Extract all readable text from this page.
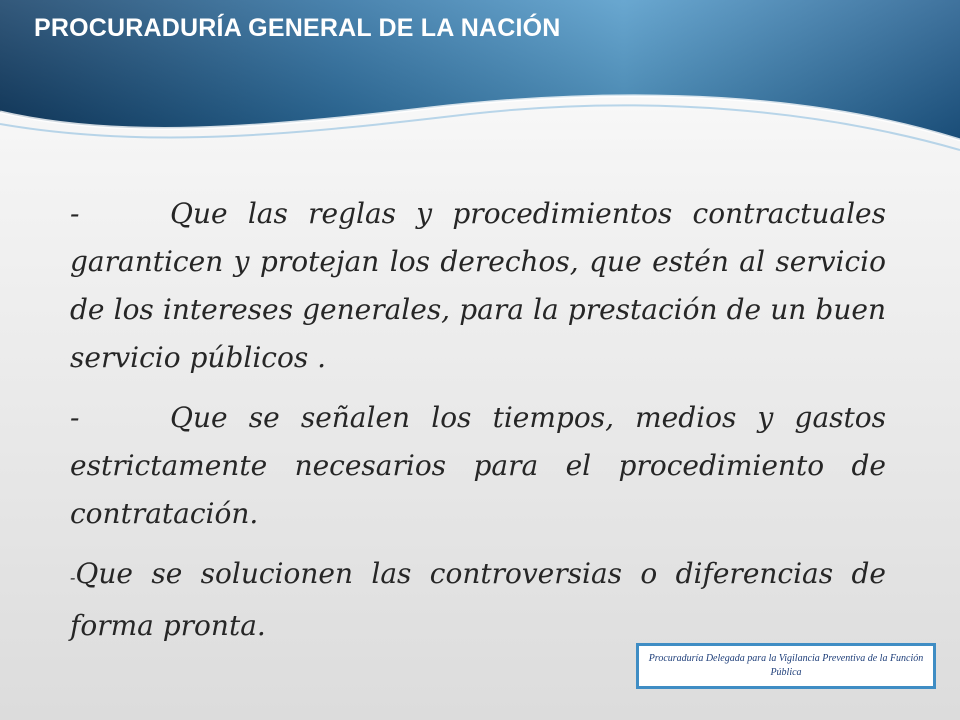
PROCURADURÍA GENERAL DE LA NACIÓN

-	Que las reglas y procedimientos contractuales garanticen y protejan los derechos, que estén al servicio de los intereses generales, para la prestación de un buen servicio públicos .

-	Que se señalen los tiempos, medios y gastos estrictamente necesarios para el procedimiento de contratación.

-Que se solucionen las controversias o diferencias de forma pronta.

Procuraduría Delegada para la Vigilancia Preventiva de la Función Pública
